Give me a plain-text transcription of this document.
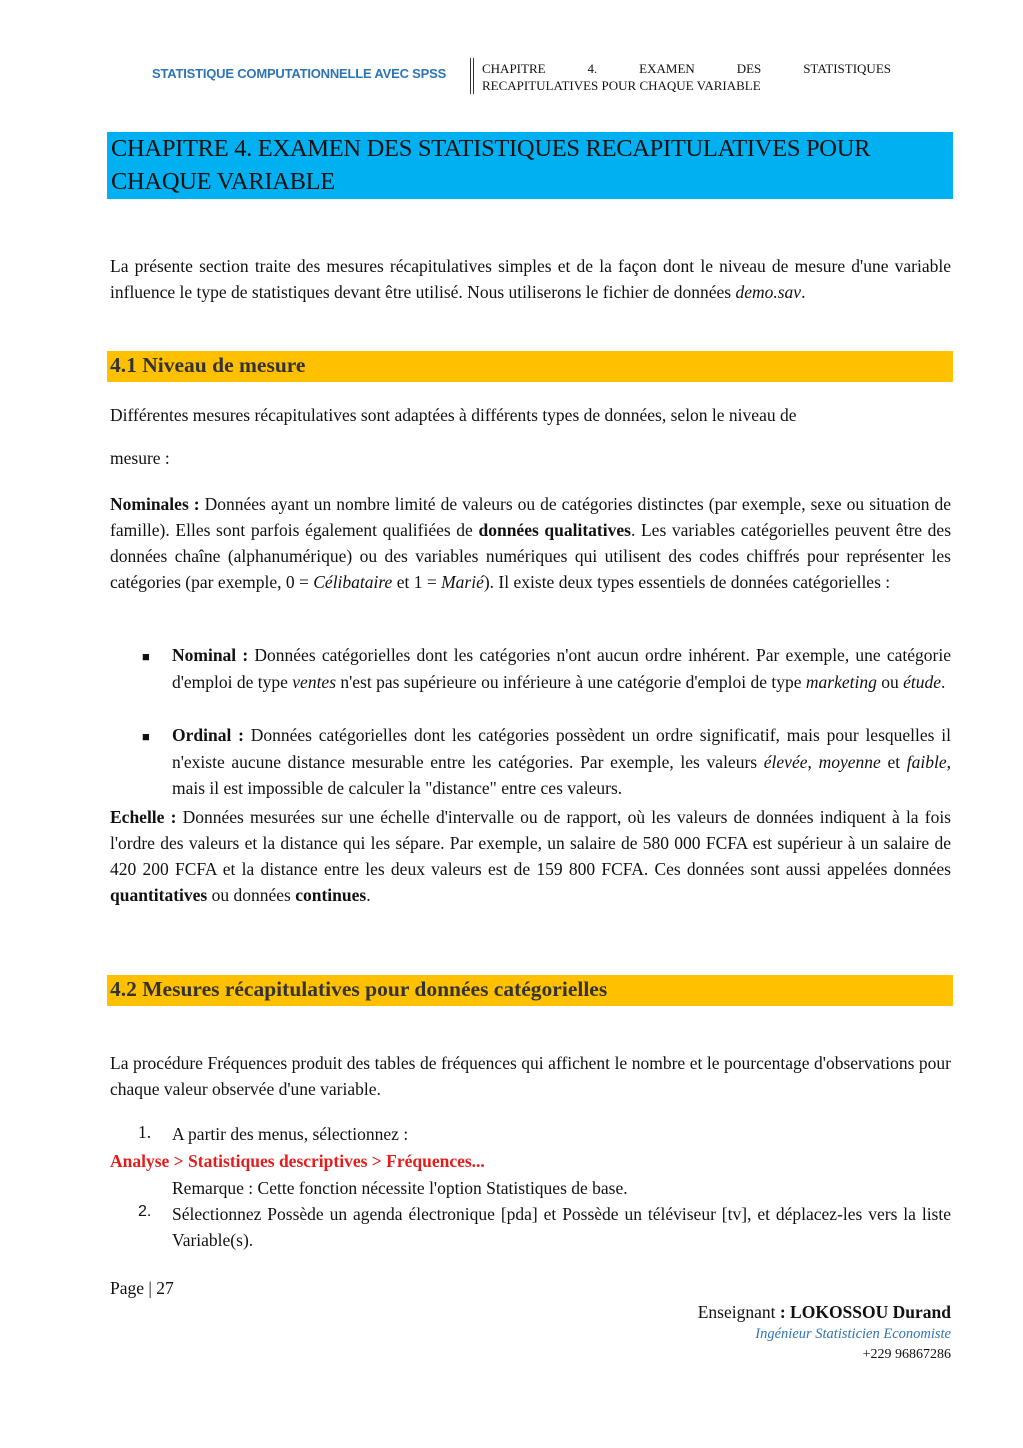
STATISTIQUE COMPUTATIONNELLE AVEC SPSS	CHAPITRE 4. EXAMEN DES STATISTIQUES
RECAPITULATIVES POUR CHAQUE VARIABLE
CHAPITRE 4. EXAMEN DES STATISTIQUES RECAPITULATIVES POUR CHAQUE VARIABLE

La présente section traite des mesures récapitulatives simples et de la façon dont le niveau de mesure d'une variable influence le type de statistiques devant être utilisé. Nous utiliserons le fichier de données demo.sav.

4.1 Niveau de mesure

Différentes mesures récapitulatives sont adaptées à différents types de données, selon le niveau de

mesure :

Nominales : Données ayant un nombre limité de valeurs ou de catégories distinctes (par exemple, sexe ou situation de famille). Elles sont parfois également qualifiées de données qualitatives. Les variables catégorielles peuvent être des données chaîne (alphanumérique) ou des variables numériques qui utilisent des codes chiffrés pour représenter les catégories (par exemple, 0 = Célibataire et 1 = Marié). Il existe deux types essentiels de données catégorielles :

■ Nominal : Données catégorielles dont les catégories n'ont aucun ordre inhérent. Par exemple, une catégorie d'emploi de type ventes n'est pas supérieure ou inférieure à une catégorie d'emploi de type marketing ou étude.

■ Ordinal : Données catégorielles dont les catégories possèdent un ordre significatif, mais pour lesquelles il n'existe aucune distance mesurable entre les catégories. Par exemple, les valeurs élevée, moyenne et faible, mais il est impossible de calculer la "distance" entre ces valeurs.

Echelle : Données mesurées sur une échelle d'intervalle ou de rapport, où les valeurs de données indiquent à la fois l'ordre des valeurs et la distance qui les sépare. Par exemple, un salaire de 580 000 FCFA est supérieur à un salaire de 420 200 FCFA et la distance entre les deux valeurs est de 159 800 FCFA. Ces données sont aussi appelées données quantitatives ou données continues.

4.2 Mesures récapitulatives pour données catégorielles

La procédure Fréquences produit des tables de fréquences qui affichent le nombre et le pourcentage d'observations pour chaque valeur observée d'une variable.

1. A partir des menus, sélectionnez :

Analyse > Statistiques descriptives > Fréquences...

Remarque : Cette fonction nécessite l'option Statistiques de base.

2. Sélectionnez Possède un agenda électronique [pda] et Possède un téléviseur [tv], et déplacez-les vers la liste Variable(s).

Page | 27
Enseignant : LOKOSSOU Durand
Ingénieur Statisticien Economiste
+229 96867286
